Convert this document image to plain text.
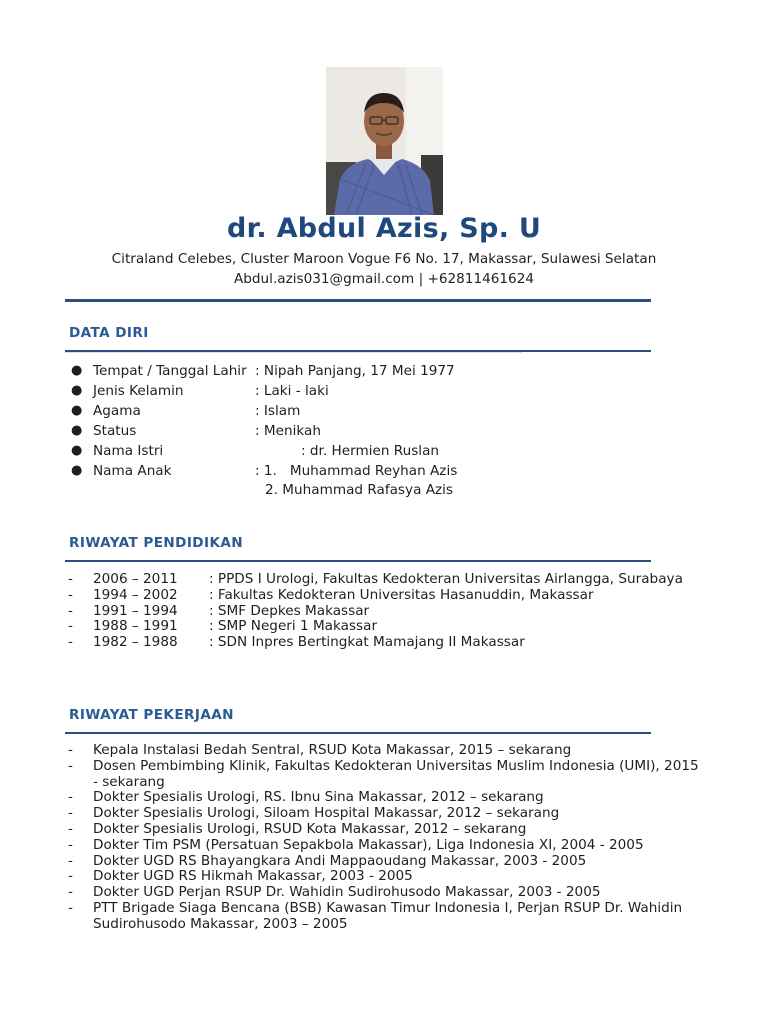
dr. Abdul Azis, Sp. U
Citraland Celebes, Cluster Maroon Vogue F6 No. 17, Makassar, Sulawesi Selatan
Abdul.azis031@gmail.com | +62811461624
DATA DIRI
● Tempat / Tanggal Lahir : Nipah Panjang, 17 Mei 1977
● Jenis Kelamin	: Laki - laki
● Agama	: Islam
● Status	: Menikah
● Nama Istri	: dr. Hermien Ruslan
● Nama Anak	: 1.   Muhammad Reyhan Azis
2. Muhammad Rafasya Azis
RIWAYAT PENDIDIKAN
- 2006 – 2011	: PPDS I Urologi, Fakultas Kedokteran Universitas Airlangga, Surabaya
- 1994 – 2002	: Fakultas Kedokteran Universitas Hasanuddin, Makassar
- 1991 – 1994	: SMF Depkes Makassar
- 1988 – 1991	: SMP Negeri 1 Makassar
- 1982 – 1988	: SDN Inpres Bertingkat Mamajang II Makassar
RIWAYAT PEKERJAAN
- Kepala Instalasi Bedah Sentral, RSUD Kota Makassar, 2015 – sekarang
- Dosen Pembimbing Klinik, Fakultas Kedokteran Universitas Muslim Indonesia (UMI), 2015 - sekarang
- Dokter Spesialis Urologi, RS. Ibnu Sina Makassar, 2012 – sekarang
- Dokter Spesialis Urologi, Siloam Hospital Makassar, 2012 – sekarang
- Dokter Spesialis Urologi, RSUD Kota Makassar, 2012 – sekarang
- Dokter Tim PSM (Persatuan Sepakbola Makassar), Liga Indonesia XI, 2004 - 2005
- Dokter UGD RS Bhayangkara Andi Mappaoudang Makassar, 2003 - 2005
- Dokter UGD RS Hikmah Makassar, 2003 - 2005
- Dokter UGD Perjan RSUP Dr. Wahidin Sudirohusodo Makassar, 2003 - 2005
- PTT Brigade Siaga Bencana (BSB) Kawasan Timur Indonesia I, Perjan RSUP Dr. Wahidin Sudirohusodo Makassar, 2003 – 2005
